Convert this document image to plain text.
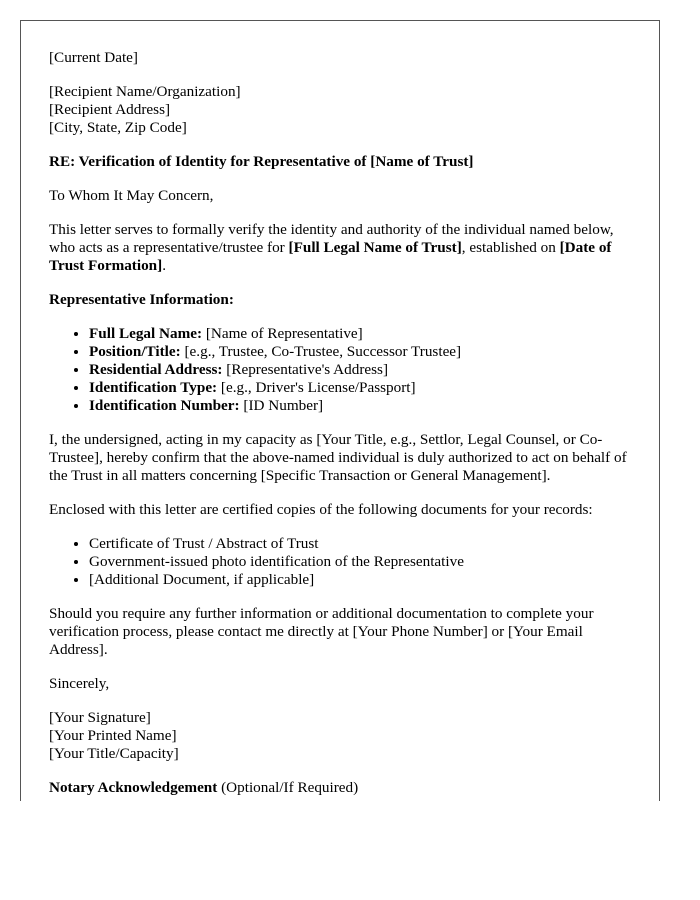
[Current Date]

[Recipient Name/Organization]
[Recipient Address]
[City, State, Zip Code]

RE: Verification of Identity for Representative of [Name of Trust]

To Whom It May Concern,

This letter serves to formally verify the identity and authority of the individual named below, who acts as a representative/trustee for [Full Legal Name of Trust], established on [Date of Trust Formation].

Representative Information:

• Full Legal Name: [Name of Representative]
• Position/Title: [e.g., Trustee, Co-Trustee, Successor Trustee]
• Residential Address: [Representative's Address]
• Identification Type: [e.g., Driver's License/Passport]
• Identification Number: [ID Number]

I, the undersigned, acting in my capacity as [Your Title, e.g., Settlor, Legal Counsel, or Co-Trustee], hereby confirm that the above-named individual is duly authorized to act on behalf of the Trust in all matters concerning [Specific Transaction or General Management].

Enclosed with this letter are certified copies of the following documents for your records:

• Certificate of Trust / Abstract of Trust
• Government-issued photo identification of the Representative
• [Additional Document, if applicable]

Should you require any further information or additional documentation to complete your verification process, please contact me directly at [Your Phone Number] or [Your Email Address].

Sincerely,

[Your Signature]
[Your Printed Name]
[Your Title/Capacity]

Notary Acknowledgement (Optional/If Required)
